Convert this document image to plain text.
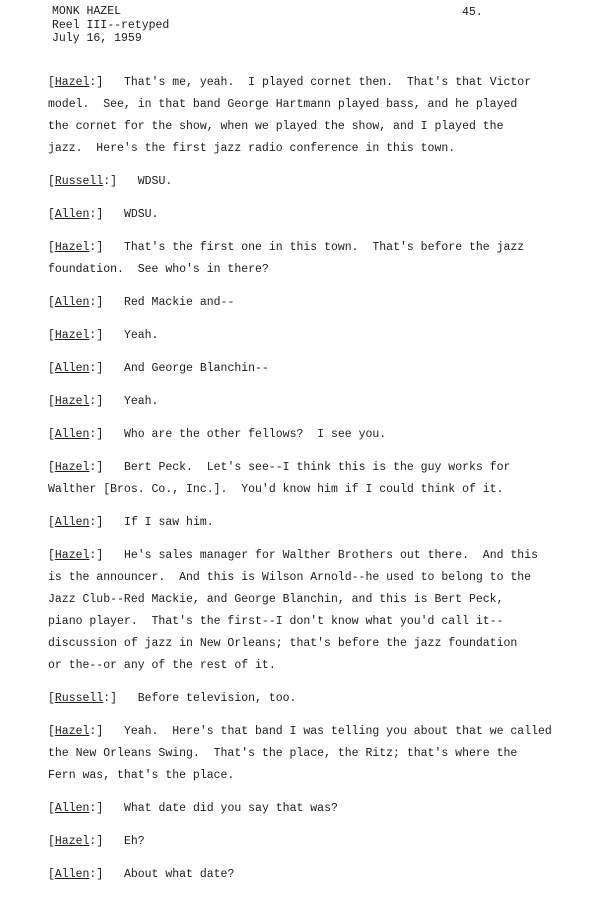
MONK HAZEL
Reel III--retyped
July 16, 1959
45.
[Hazel:]   That's me, yeah.  I played cornet then.  That's that Victor
model.  See, in that band George Hartmann played bass, and he played
the cornet for the show, when we played the show, and I played the
jazz.  Here's the first jazz radio conference in this town.
[Russell:]   WDSU.
[Allen:]   WDSU.
[Hazel:]   That's the first one in this town.  That's before the jazz
foundation.  See who's in there?
[Allen:]   Red Mackie and--
[Hazel:]   Yeah.
[Allen:]   And George Blanchin--
[Hazel:]   Yeah.
[Allen:]   Who are the other fellows?  I see you.
[Hazel:]   Bert Peck.  Let's see--I think this is the guy works for
Walther [Bros. Co., Inc.].  You'd know him if I could think of it.
[Allen:]   If I saw him.
[Hazel:]   He's sales manager for Walther Brothers out there.  And this
is the announcer.  And this is Wilson Arnold--he used to belong to the
Jazz Club--Red Mackie, and George Blanchin, and this is Bert Peck,
piano player.  That's the first--I don't know what you'd call it--
discussion of jazz in New Orleans; that's before the jazz foundation
or the--or any of the rest of it.
[Russell:]   Before television, too.
[Hazel:]   Yeah.  Here's that band I was telling you about that we called
the New Orleans Swing.  That's the place, the Ritz; that's where the
Fern was, that's the place.
[Allen:]   What date did you say that was?
[Hazel:]   Eh?
[Allen:]   About what date?
